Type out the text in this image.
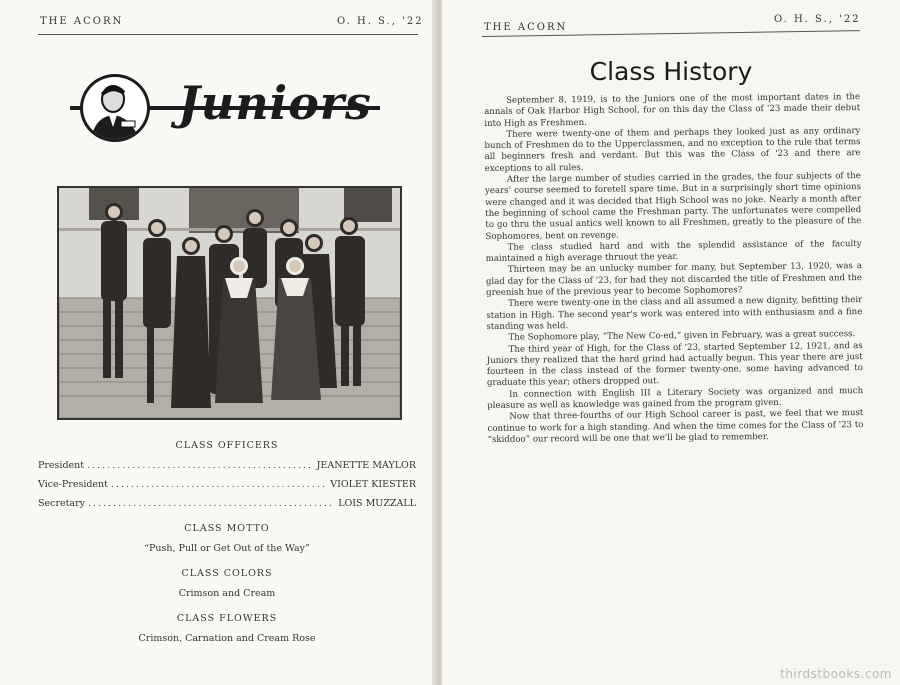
THE ACORN	O. H. S., '22
Juniors
CLASS OFFICERS
President .....	JEANETTE MAYLOR
Vice-President .....	VIOLET KIESTER
Secretary .....	LOIS MUZZALL
CLASS MOTTO
“Push, Pull or Get Out of the Way”
CLASS COLORS
Crimson and Cream
CLASS FLOWERS
Crimson, Carnation and Cream Rose
THE ACORN
O. H. S., '22
Class History

September 8, 1919, is to the Juniors one of the most important dates in the annals of Oak Harbor High School, for on this day the Class of '23 made their debut into High as Freshmen.

There were twenty-one of them and perhaps they looked just as any ordinary bunch of Freshmen do to the Upperclassmen, and no exception to the rule that terms all beginners fresh and verdant. But this was the Class of '23 and there are exceptions to all rules.

After the large number of studies carried in the grades, the four subjects of the years' course seemed to foretell spare time. But in a surprisingly short time opinions were changed and it was decided that High School was no joke. Nearly a month after the beginning of school came the Freshman party. The unfortunates were compelled to go thru the usual antics well known to all Freshmen, greatly to the pleasure of the Sophomores, bent on revenge.

The class studied hard and with the splendid assistance of the faculty maintained a high average thruout the year.

Thirteen may be an unlucky number for many, but September 13, 1920, was a glad day for the Class of '23, for had they not discarded the title of Freshmen and the greenish hue of the previous year to become Sophomores?

There were twenty-one in the class and all assumed a new dignity, befitting their station in High. The second year's work was entered into with enthusiasm and a fine standing was held.

The Sophomore play, “The New Co-ed,” given in February, was a great success.

The third year of High, for the Class of '23, started September 12, 1921, and as Juniors they realized that the hard grind had actually begun. This year there are just fourteen in the class instead of the former twenty-one, some having advanced to graduate this year; others dropped out.

In connection with English III a Literary Society was organized and much pleasure as well as knowledge was gained from the program given.

Now that three-fourths of our High School career is past, we feel that we must continue to work for a high standing. And when the time comes for the Class of '23 to “skiddoo” our record will be one that we'll be glad to remember.

thirdstbooks.com
